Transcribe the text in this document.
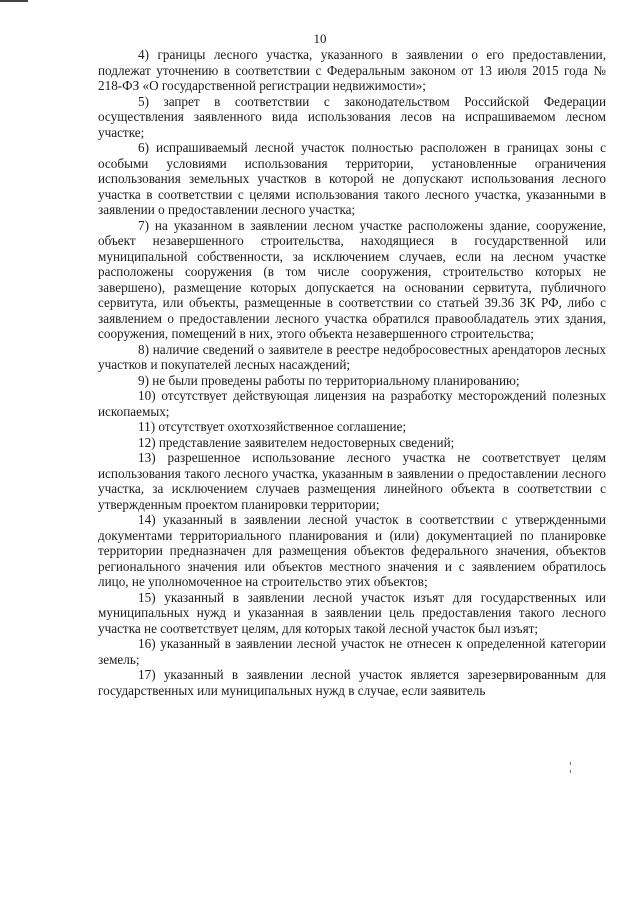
10

4) границы лесного участка, указанного в заявлении о его предоставлении, подлежат уточнению в соответствии с Федеральным законом от 13 июля 2015 года № 218-ФЗ «О государственной регистрации недвижимости»;

5) запрет в соответствии с законодательством Российской Федерации осуществления заявленного вида использования лесов на испрашиваемом лесном участке;

6) испрашиваемый лесной участок полностью расположен в границах зоны с особыми условиями использования территории, установленные ограничения использования земельных участков в которой не допускают использования лесного участка в соответствии с целями использования такого лесного участка, указанными в заявлении о предоставлении лесного участка;

7) на указанном в заявлении лесном участке расположены здание, сооружение, объект незавершенного строительства, находящиеся в государственной или муниципальной собственности, за исключением случаев, если на лесном участке расположены сооружения (в том числе сооружения, строительство которых не завершено), размещение которых допускается на основании сервитута, публичного сервитута, или объекты, размещенные в соответствии со статьей 39.36 ЗК РФ, либо с заявлением о предоставлении лесного участка обратился правообладатель этих здания, сооружения, помещений в них, этого объекта незавершенного строительства;

8) наличие сведений о заявителе в реестре недобросовестных арендаторов лесных участков и покупателей лесных насаждений;

9) не были проведены работы по территориальному планированию;

10) отсутствует действующая лицензия на разработку месторождений полезных ископаемых;

11) отсутствует охотхозяйственное соглашение;

12) представление заявителем недостоверных сведений;

13) разрешенное использование лесного участка не соответствует целям использования такого лесного участка, указанным в заявлении о предоставлении лесного участка, за исключением случаев размещения линейного объекта в соответствии с утвержденным проектом планировки территории;

14) указанный в заявлении лесной участок в соответствии с утвержденными документами территориального планирования и (или) документацией по планировке территории предназначен для размещения объектов федерального значения, объектов регионального значения или объектов местного значения и с заявлением обратилось лицо, не уполномоченное на строительство этих объектов;

15) указанный в заявлении лесной участок изъят для государственных или муниципальных нужд и указанная в заявлении цель предоставления такого лесного участка не соответствует целям, для которых такой лесной участок был изъят;

16) указанный в заявлении лесной участок не отнесен к определенной категории земель;

17) указанный в заявлении лесной участок является зарезервированным для государственных или муниципальных нужд в случае, если заявитель
